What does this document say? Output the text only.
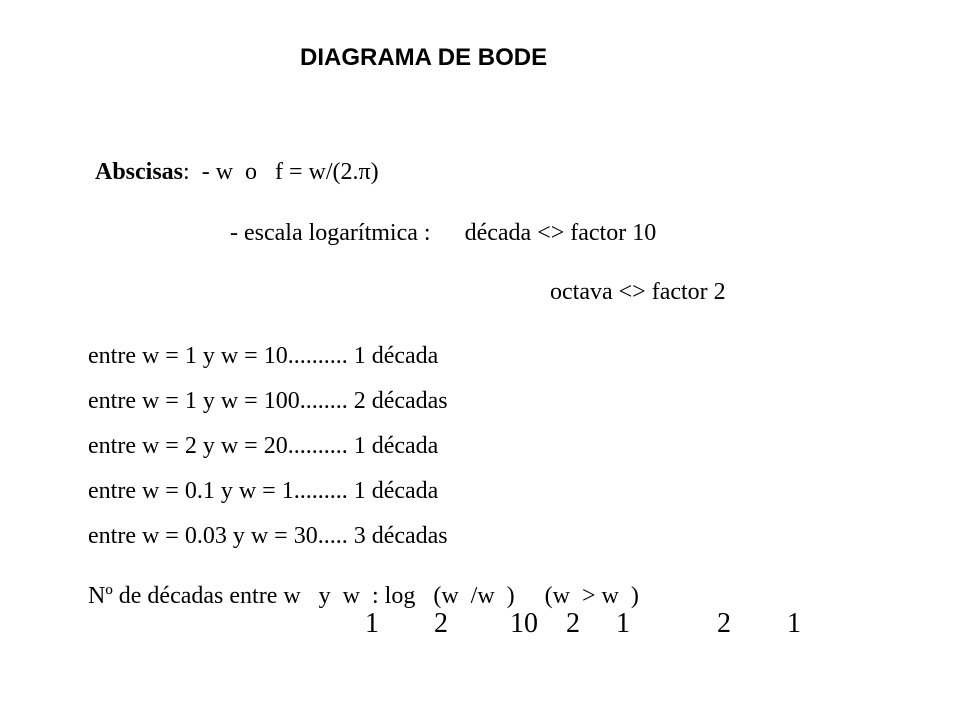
DIAGRAMA DE BODE
Abscisas:  - w  o   f = w/(2.π)
- escala logarítmica : década <> factor 10
octava <> factor 2
entre w = 1 y w = 10.......... 1 década
entre w = 1 y w = 100........ 2 décadas
entre w = 2 y w = 20.......... 1 década
entre w = 0.1 y w = 1......... 1 década
entre w = 0.03 y w = 30..... 3 décadas
Nº de décadas entre w   y  w  : log   (w  /w  )     (w  > w  )
1 2 10 2 1	2 1
